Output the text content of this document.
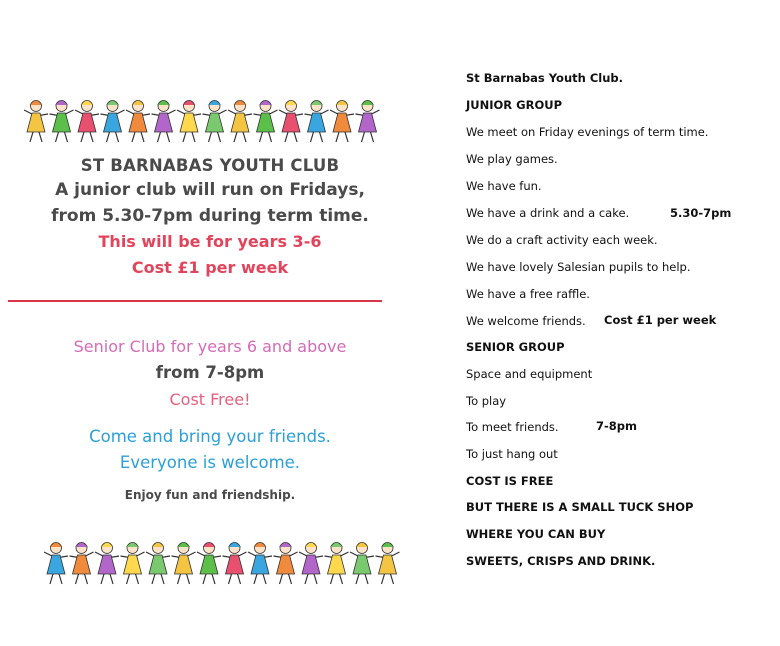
ST BARNABAS YOUTH CLUB

A junior club will run on Fridays,

from 5.30-7pm during term time.

This will be for years 3-6

Cost £1 per week

Senior Club for years 6 and above

from 7-8pm

Cost Free!

Come and bring your friends.

Everyone is welcome.

Enjoy fun and friendship.

St Barnabas Youth Club.

JUNIOR GROUP

We meet on Friday evenings of term time.

We play games.

We have fun.

We have a drink and a cake.	5.30-7pm

We do a craft activity each week.

We have lovely Salesian pupils to help.

We have a free raffle.

We welcome friends. Cost £1 per week

SENIOR GROUP

Space and equipment

To play

To meet friends.	7-8pm

To just hang out

COST IS FREE

BUT THERE IS A SMALL TUCK SHOP

WHERE YOU CAN BUY

SWEETS, CRISPS AND DRINK.
